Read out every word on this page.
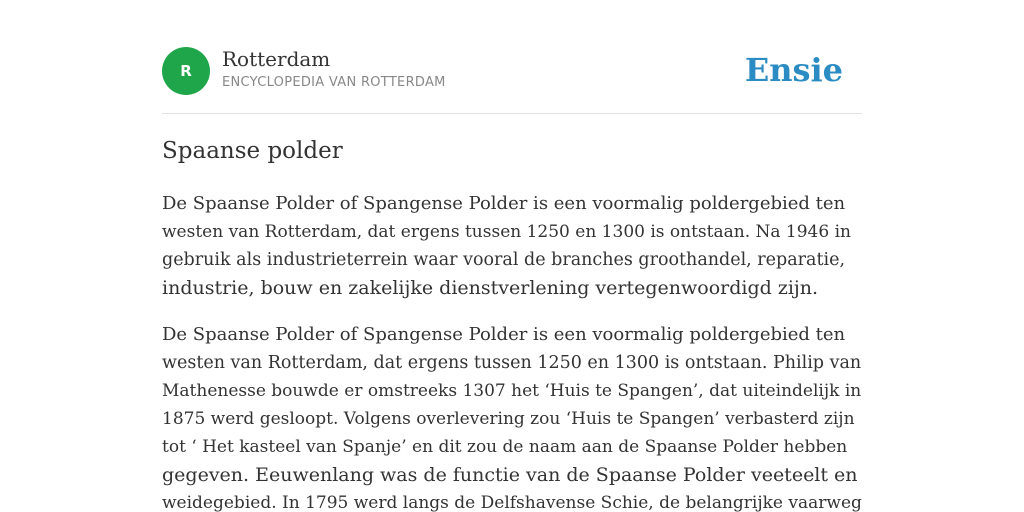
R	Rotterdam
ENCYCLOPEDIA VAN ROTTERDAM	Ensie
Spaanse polder

De Spaanse Polder of Spangense Polder is een voormalig poldergebied ten
westen van Rotterdam, dat ergens tussen 1250 en 1300 is ontstaan. Na 1946 in
gebruik als industrieterrein waar vooral de branches groothandel, reparatie,
industrie, bouw en zakelijke dienstverlening vertegenwoordigd zijn.

De Spaanse Polder of Spangense Polder is een voormalig poldergebied ten
westen van Rotterdam, dat ergens tussen 1250 en 1300 is ontstaan. Philip van
Mathenesse bouwde er omstreeks 1307 het ‘Huis te Spangen’, dat uiteindelijk in
1875 werd gesloopt. Volgens overlevering zou ‘Huis te Spangen’ verbasterd zijn
tot ‘ Het kasteel van Spanje’ en dit zou de naam aan de Spaanse Polder hebben
gegeven. Eeuwenlang was de functie van de Spaanse Polder veeteelt en
weidegebied. In 1795 werd langs de Delfshavense Schie, de belangrijke vaarweg
